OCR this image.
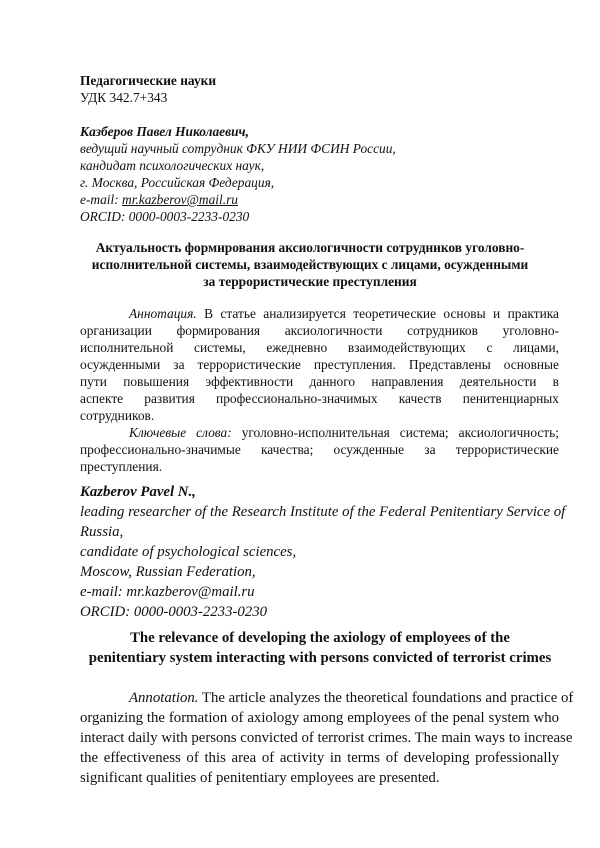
Педагогические науки
УДК 342.7+343
Казберов Павел Николаевич,
ведущий научный сотрудник ФКУ НИИ ФСИН России,
кандидат психологических наук,
г. Москва, Российская Федерация,
e-mail: mr.kazberov@mail.ru
ORCID: 0000-0003-2233-0230
Актуальность формирования аксиологичности сотрудников уголовно-
исполнительной системы, взаимодействующих с лицами, осужденными
за террористические преступления
Аннотация. В статье анализируется теоретические основы и практика
организации формирования аксиологичности сотрудников уголовно-
исполнительной системы, ежедневно взаимодействующих с лицами,
осужденными за террористические преступления. Представлены основные
пути повышения эффективности данного направления деятельности в
аспекте развития профессионально-значимых качеств пенитенциарных
сотрудников.
Ключевые слова: уголовно-исполнительная система; аксиологичность;
профессионально-значимые качества; осужденные за террористические
преступления.
Kazberov Pavel N.,
leading researcher of the Research Institute of the Federal Penitentiary Service of
Russia,
candidate of psychological sciences,
Moscow, Russian Federation,
e-mail: mr.kazberov@mail.ru
ORCID: 0000-0003-2233-0230
The relevance of developing the axiology of employees of the
penitentiary system interacting with persons convicted of terrorist crimes
Annotation. The article analyzes the theoretical foundations and practice of
organizing the formation of axiology among employees of the penal system who
interact daily with persons convicted of terrorist crimes. The main ways to increase
the effectiveness of this area of activity in terms of developing professionally
significant qualities of penitentiary employees are presented.
